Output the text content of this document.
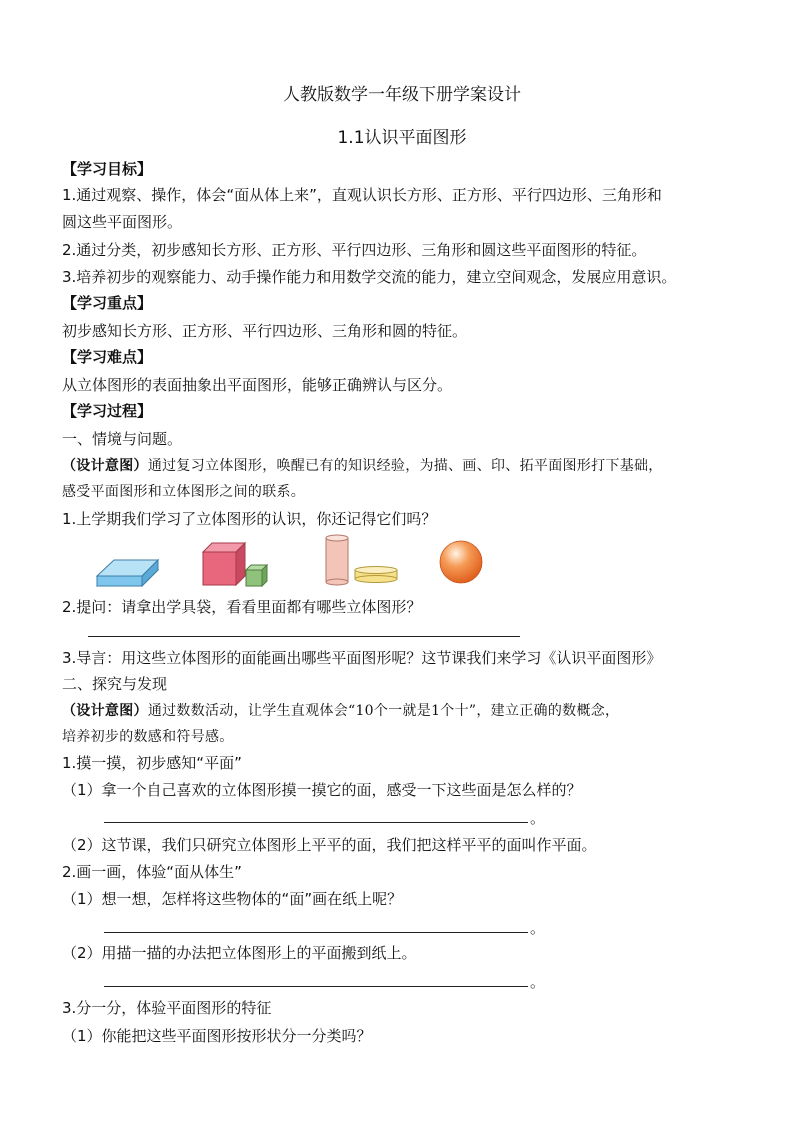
人教版数学一年级下册学案设计
1.1认识平面图形
【学习目标】
1.通过观察、操作，体会“面从体上来”，直观认识长方形、正方形、平行四边形、三角形和
圆这些平面图形。
2.通过分类，初步感知长方形、正方形、平行四边形、三角形和圆这些平面图形的特征。
3.培养初步的观察能力、动手操作能力和用数学交流的能力，建立空间观念，发展应用意识。
【学习重点】
初步感知长方形、正方形、平行四边形、三角形和圆的特征。
【学习难点】
从立体图形的表面抽象出平面图形，能够正确辨认与区分。
【学习过程】
一、情境与问题。
（设计意图）通过复习立体图形，唤醒已有的知识经验，为描、画、印、拓平面图形打下基础，
感受平面图形和立体图形之间的联系。
1.上学期我们学习了立体图形的认识，你还记得它们吗？
2.提问：请拿出学具袋，看看里面都有哪些立体图形？
3.导言：用这些立体图形的面能画出哪些平面图形呢？这节课我们来学习《认识平面图形》
二、探究与发现
（设计意图）通过数数活动，让学生直观体会“10个一就是1个十”，建立正确的数概念，
培养初步的数感和符号感。
1.摸一摸，初步感知“平面”
（1）拿一个自己喜欢的立体图形摸一摸它的面，感受一下这些面是怎么样的？
。
（2）这节课，我们只研究立体图形上平平的面，我们把这样平平的面叫作平面。
2.画一画，体验“面从体生”
（1）想一想，怎样将这些物体的“面”画在纸上呢？
。
（2）用描一描的办法把立体图形上的平面搬到纸上。
。
3.分一分，体验平面图形的特征
（1）你能把这些平面图形按形状分一分类吗？
